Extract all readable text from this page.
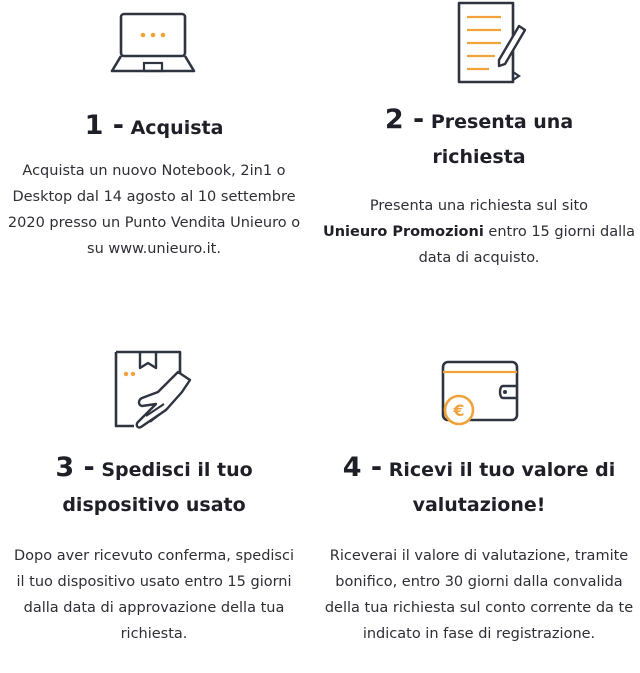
1 - Acquista

Acquista un nuovo Notebook, 2in1 o Desktop dal 14 agosto al 10 settembre 2020 presso un Punto Vendita Unieuro o su www.unieuro.it.

2 - Presenta una
richiesta

Presenta una richiesta sul sito
Unieuro Promozioni entro 15 giorni dalla data di acquisto.

3 - Spedisci il tuo
dispositivo usato

Dopo aver ricevuto conferma, spedisci il tuo dispositivo usato entro 15 giorni dalla data di approvazione della tua richiesta.

€

4 - Ricevi il tuo valore di
valutazione!

Riceverai il valore di valutazione, tramite bonifico, entro 30 giorni dalla convalida della tua richiesta sul conto corrente da te indicato in fase di registrazione.
